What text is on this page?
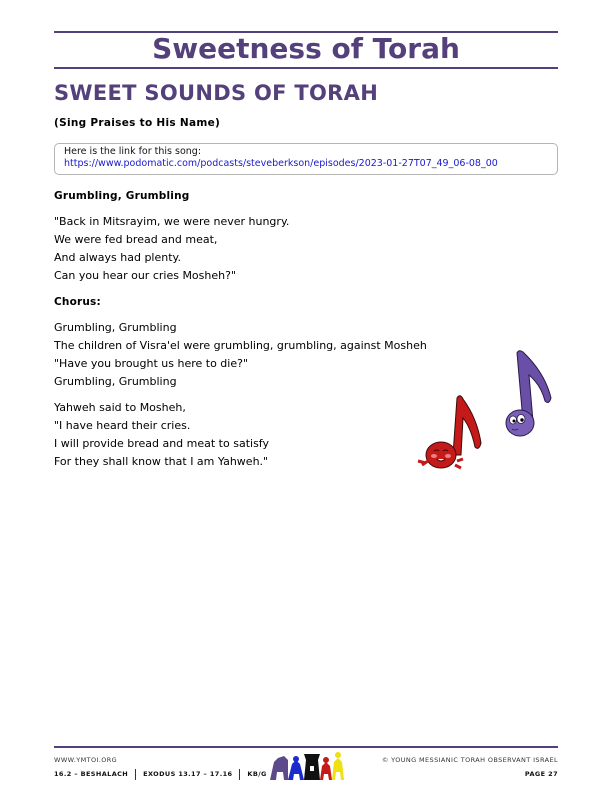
Sweetness of Torah
SWEET SOUNDS OF TORAH
(Sing Praises to His Name)
Here is the link for this song:
https://www.podomatic.com/podcasts/steveberkson/episodes/2023-01-27T07_49_06-08_00
Grumbling, Grumbling
"Back in Mitsrayim, we were never hungry.
We were fed bread and meat,
And always had plenty.
Can you hear our cries Mosheh?"
Chorus:
Grumbling, Grumbling
The children of Visra'el were grumbling, grumbling, against Mosheh
"Have you brought us here to die?"
Grumbling, Grumbling
Yahweh said to Mosheh,
"I have heard their cries.
I will provide bread and meat to satisfy
For they shall know that I am Yahweh."
WWW.YMTOI.ORG
16.2 – BESHALACH EXODUS 13.17 – 17.16 KB/G
© YOUNG MESSIANIC TORAH OBSERVANT ISRAEL
PAGE 27
